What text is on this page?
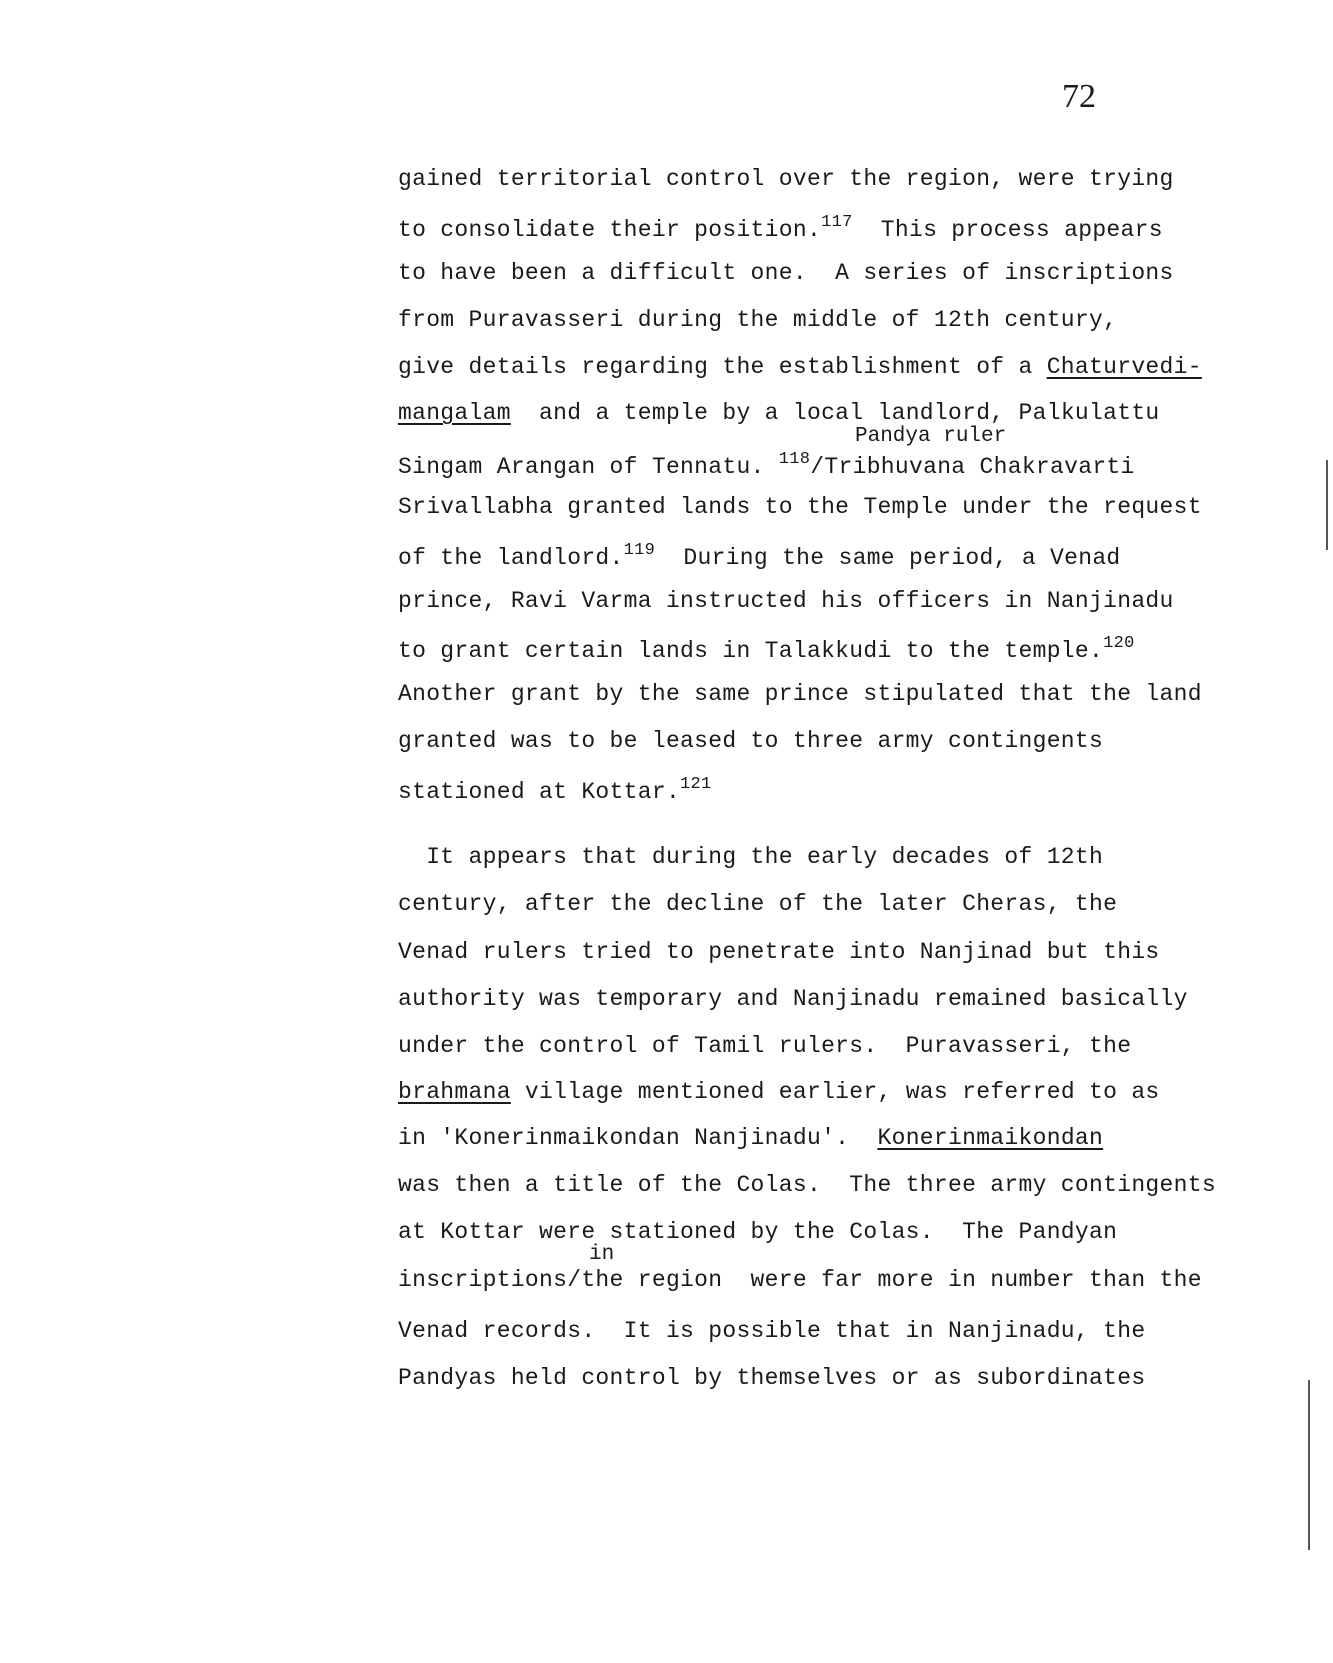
72
gained territorial control over the region, were trying
to consolidate their position.$^{117}$  This process appears
to have been a difficult one.  A series of inscriptions
from Puravasseri during the middle of 12th century,
give details regarding the establishment of a Chaturvedi-
mangalam  and a temple by a local landlord, Palkulattu
Pandya ruler
Singam Arangan of Tennatu. $^{118}$/Tribhuvana Chakravarti
Srivallabha granted lands to the Temple under the request
of the landlord.$^{119}$  During the same period, a Venad
prince, Ravi Varma instructed his officers in Nanjinadu
to grant certain lands in Talakkudi to the temple.$^{120}$
Another grant by the same prince stipulated that the land
granted was to be leased to three army contingents
stationed at Kottar.$^{121}$
It appears that during the early decades of 12th
century, after the decline of the later Cheras, the
Venad rulers tried to penetrate into Nanjinad but this
authority was temporary and Nanjinadu remained basically
under the control of Tamil rulers.  Puravasseri, the
brahmana village mentioned earlier, was referred to as
in 'Konerinmaikondan Nanjinadu'.  Konerinmaikondan
was then a title of the Colas.  The three army contingents
at Kottar were stationed by the Colas.  The Pandyan
in
inscriptions/the region  were far more in number than the
Venad records.  It is possible that in Nanjinadu, the
Pandyas held control by themselves or as subordinates
